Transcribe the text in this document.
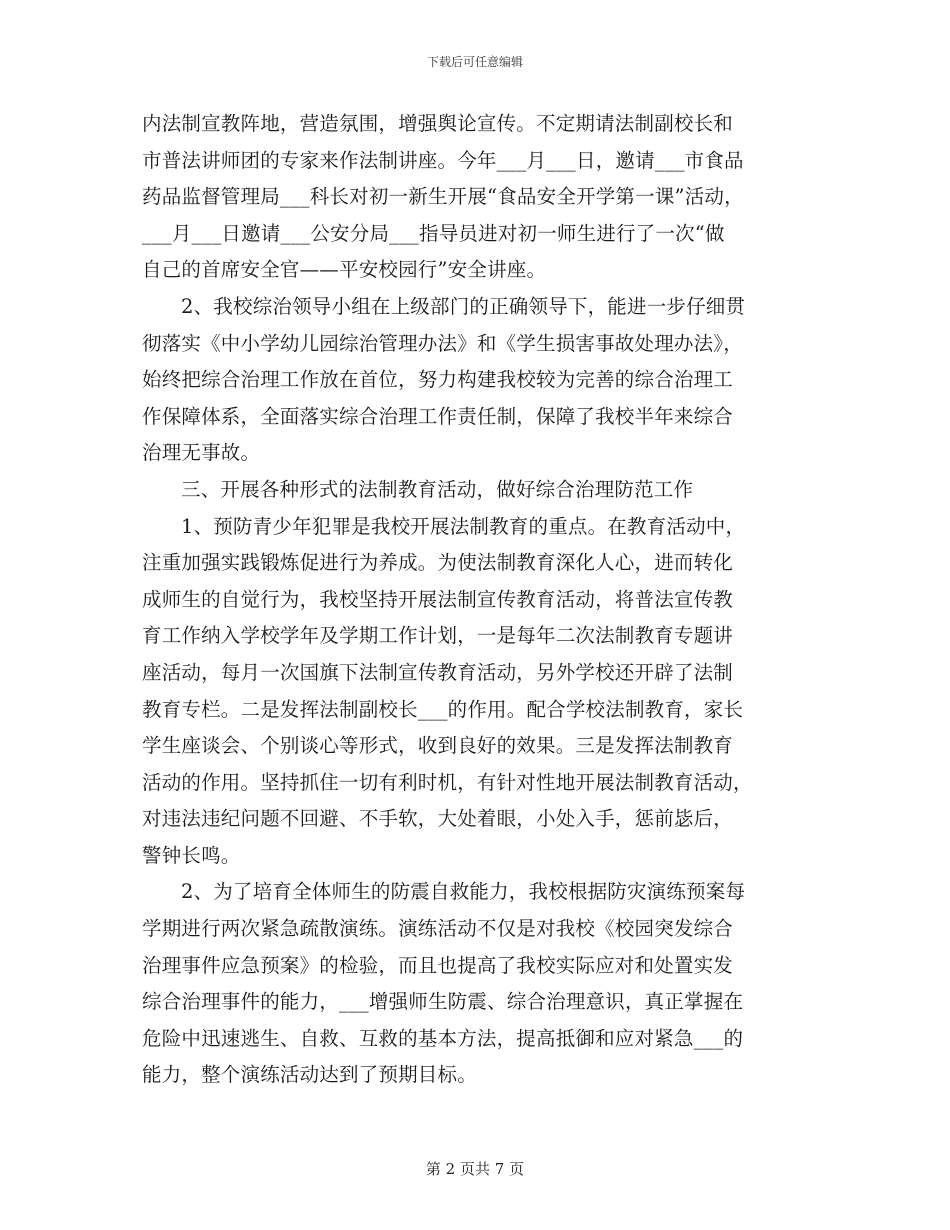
下载后可任意编辑
内法制宣教阵地，营造氛围，增强舆论宣传。不定期请法制副校长和
市普法讲师团的专家来作法制讲座。今年___月___日，邀请___市食品
药品监督管理局___科长对初一新生开展“食品安全开学第一课”活动，
___月___日邀请___公安分局___指导员进对初一师生进行了一次“做
自己的首席安全官——平安校园行”安全讲座。
2、我校综治领导小组在上级部门的正确领导下，能进一步仔细贯
彻落实《中小学幼儿园综治管理办法》和《学生损害事故处理办法》，
始终把综合治理工作放在首位，努力构建我校较为完善的综合治理工
作保障体系，全面落实综合治理工作责任制，保障了我校半年来综合
治理无事故。
三、开展各种形式的法制教育活动，做好综合治理防范工作
1、预防青少年犯罪是我校开展法制教育的重点。在教育活动中，
注重加强实践锻炼促进行为养成。为使法制教育深化人心，进而转化
成师生的自觉行为，我校坚持开展法制宣传教育活动，将普法宣传教
育工作纳入学校学年及学期工作计划，一是每年二次法制教育专题讲
座活动，每月一次国旗下法制宣传教育活动，另外学校还开辟了法制
教育专栏。二是发挥法制副校长___的作用。配合学校法制教育，家长
学生座谈会、个别谈心等形式，收到良好的效果。三是发挥法制教育
活动的作用。坚持抓住一切有利时机，有针对性地开展法制教育活动，
对违法违纪问题不回避、不手软，大处着眼，小处入手，惩前毖后，
警钟长鸣。
2、为了培育全体师生的防震自救能力，我校根据防灾演练预案每
学期进行两次紧急疏散演练。演练活动不仅是对我校《校园突发综合
治理事件应急预案》的检验，而且也提高了我校实际应对和处置实发
综合治理事件的能力，___增强师生防震、综合治理意识，真正掌握在
危险中迅速逃生、自救、互救的基本方法，提高抵御和应对紧急___的
能力，整个演练活动达到了预期目标。
第 2 页共 7 页
